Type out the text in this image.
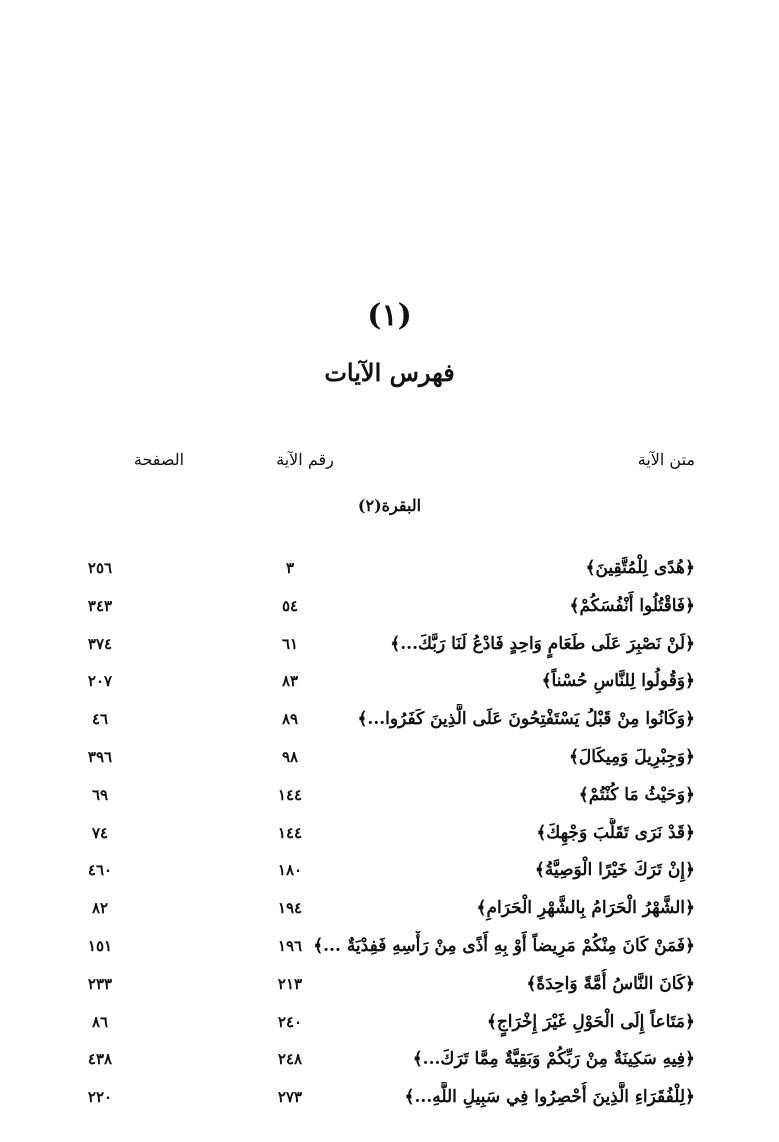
(١)
فهرس الآيات
متن الآية
رقم الآية
الصفحة
البقرة(٢)
﴿هُدًى لِلْمُتَّقِينَ﴾
٣
٢٥٦
﴿فَاقْتُلُوا أَنْفُسَكُمْ﴾
٥٤
٣٤٣
﴿لَنْ نَصْبِرَ عَلَى طَعَامٍ وَاحِدٍ فَادْعُ لَنَا رَبَّكَ...﴾
٦١
٣٧٤
﴿وَقُولُوا لِلنَّاسِ حُسْناً﴾
٨٣
٢٠٧
﴿وَكَانُوا مِنْ قَبْلُ يَسْتَفْتِحُونَ عَلَى الَّذِينَ كَفَرُوا...﴾
٨٩
٤٦
﴿وَجِبْرِيلَ وَمِيكَالَ﴾
٩٨
٣٩٦
﴿وَحَيْثُ مَا كُنْتُمْ﴾
١٤٤
٦٩
﴿قَدْ نَرَى تَقَلُّبَ وَجْهِكَ﴾
١٤٤
٧٤
﴿إِنْ تَرَكَ خَيْرًا الْوَصِيَّةُ﴾
١٨٠
٤٦٠
﴿الشَّهْرُ الْحَرَامُ بِالشَّهْرِ الْحَرَامِ﴾
١٩٤
٨٢
﴿فَمَنْ كَانَ مِنْكُمْ مَرِيضاً أَوْ بِهِ أَذًى مِنْ رَأْسِهِ فَفِدْيَةٌ ...﴾
١٩٦
١٥١
﴿كَانَ النَّاسُ أُمَّةً وَاحِدَةً﴾
٢١٣
٢٣٣
﴿مَتَاعاً إِلَى الْحَوْلِ غَيْرَ إِخْرَاجٍ﴾
٢٤٠
٨٦
﴿فِيهِ سَكِينَةٌ مِنْ رَبِّكُمْ وَبَقِيَّةٌ مِمَّا تَرَكَ...﴾
٢٤٨
٤٣٨
﴿لِلْفُقَرَاءِ الَّذِينَ أُحْصِرُوا فِي سَبِيلِ اللَّهِ...﴾
٢٧٣
٢٢٠
